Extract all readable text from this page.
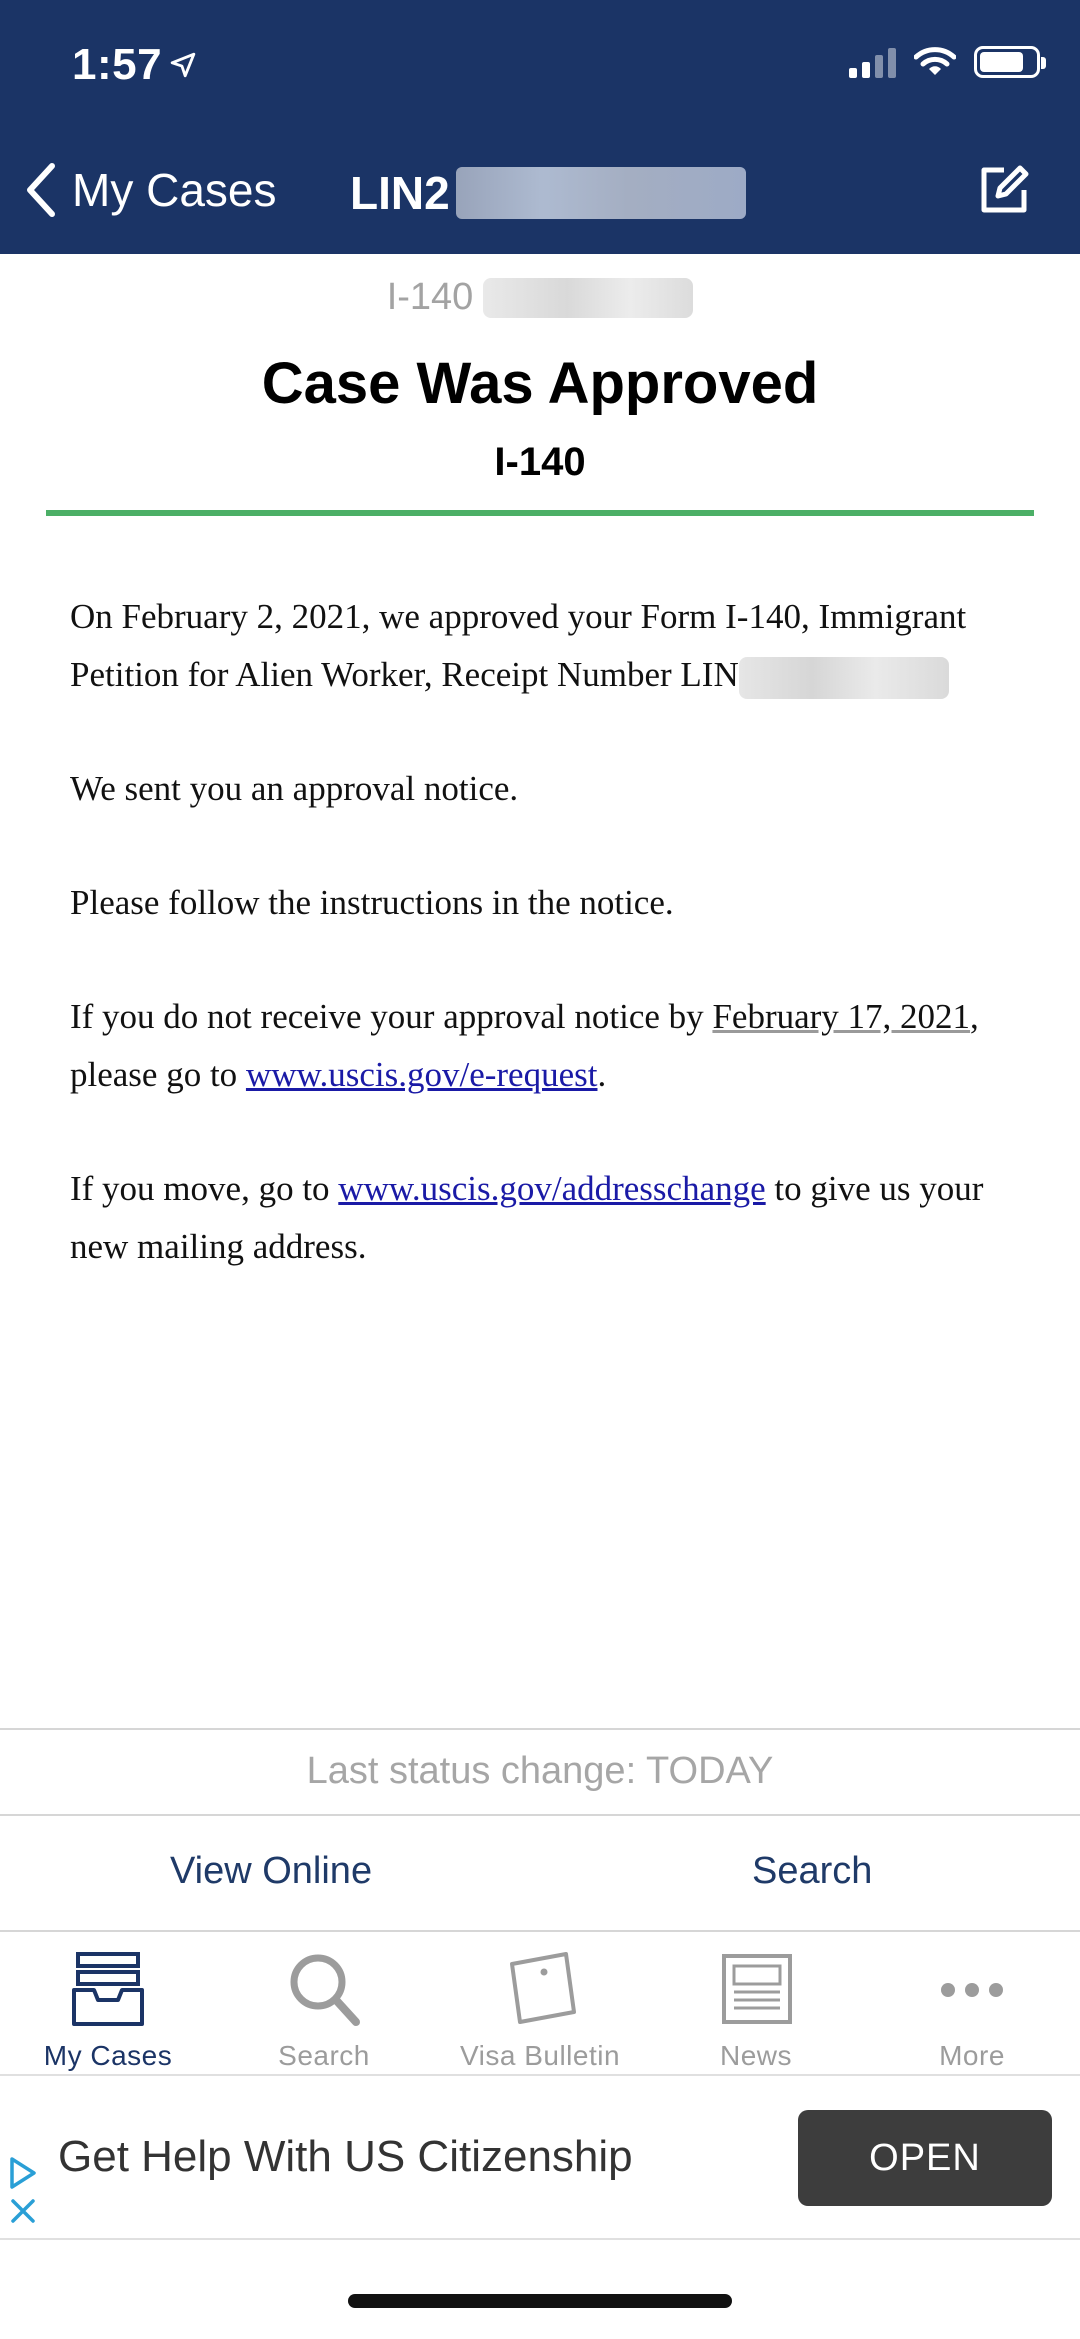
1:57
My Cases LIN2
I-140
Case Was Approved
I-140

On February 2, 2021, we approved your Form I-140, Immigrant Petition for Alien Worker, Receipt Number LIN

We sent you an approval notice.

Please follow the instructions in the notice.

If you do not receive your approval notice by February 17, 2021, please go to www.uscis.gov/e-request.

If you move, go to www.uscis.gov/addresschange to give us your new mailing address.

Last status change: TODAY
View Online	Search
My Cases	Search	Visa Bulletin	News	More
Get Help With US Citizenship	OPEN
